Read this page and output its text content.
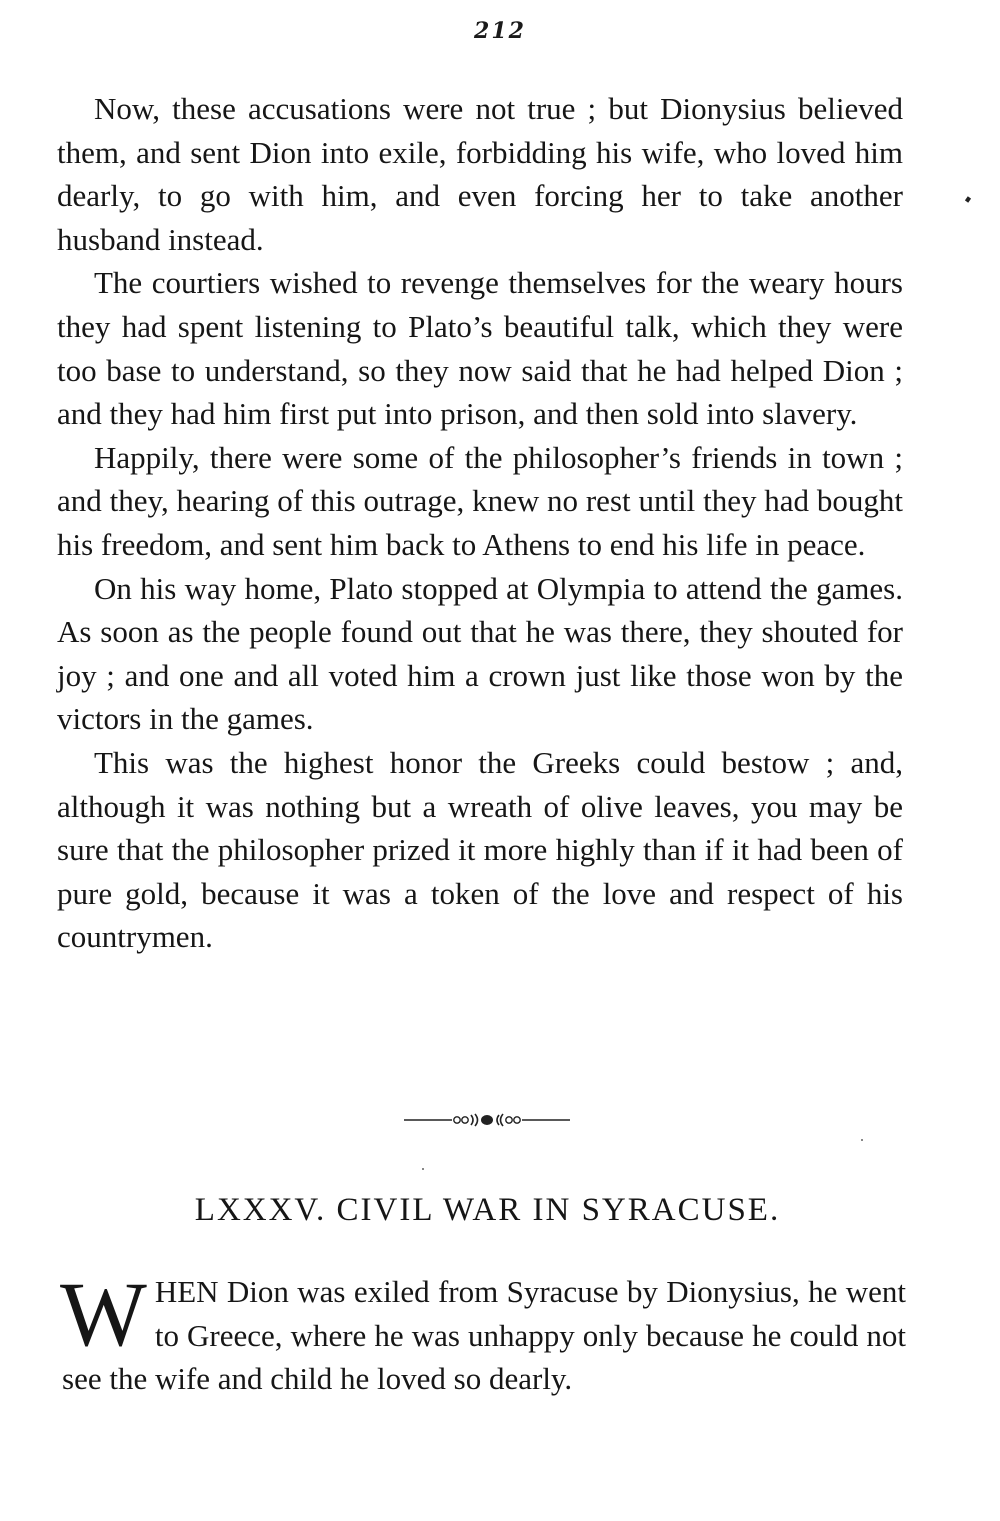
212

Now, these accusations were not true ; but Dionysius believed them, and sent Dion into exile, forbidding his wife, who loved him dearly, to go with him, and even forcing her to take another husband instead.

The courtiers wished to revenge themselves for the weary hours they had spent listening to Plato’s beautiful talk, which they were too base to understand, so they now said that he had helped Dion ; and they had him first put into prison, and then sold into slavery.

Happily, there were some of the philosopher’s friends in town ; and they, hearing of this outrage, knew no rest until they had bought his freedom, and sent him back to Athens to end his life in peace.

On his way home, Plato stopped at Olympia to attend the games. As soon as the people found out that he was there, they shouted for joy ; and one and all voted him a crown just like those won by the victors in the games.

This was the highest honor the Greeks could bestow ; and, although it was nothing but a wreath of olive leaves, you may be sure that the philosopher prized it more highly than if it had been of pure gold, because it was a token of the love and respect of his countrymen.

LXXXV. CIVIL WAR IN SYRACUSE.

WHEN Dion was exiled from Syracuse by Dionysius, he went to Greece, where he was unhappy only because he could not see the wife and child he loved so dearly.
